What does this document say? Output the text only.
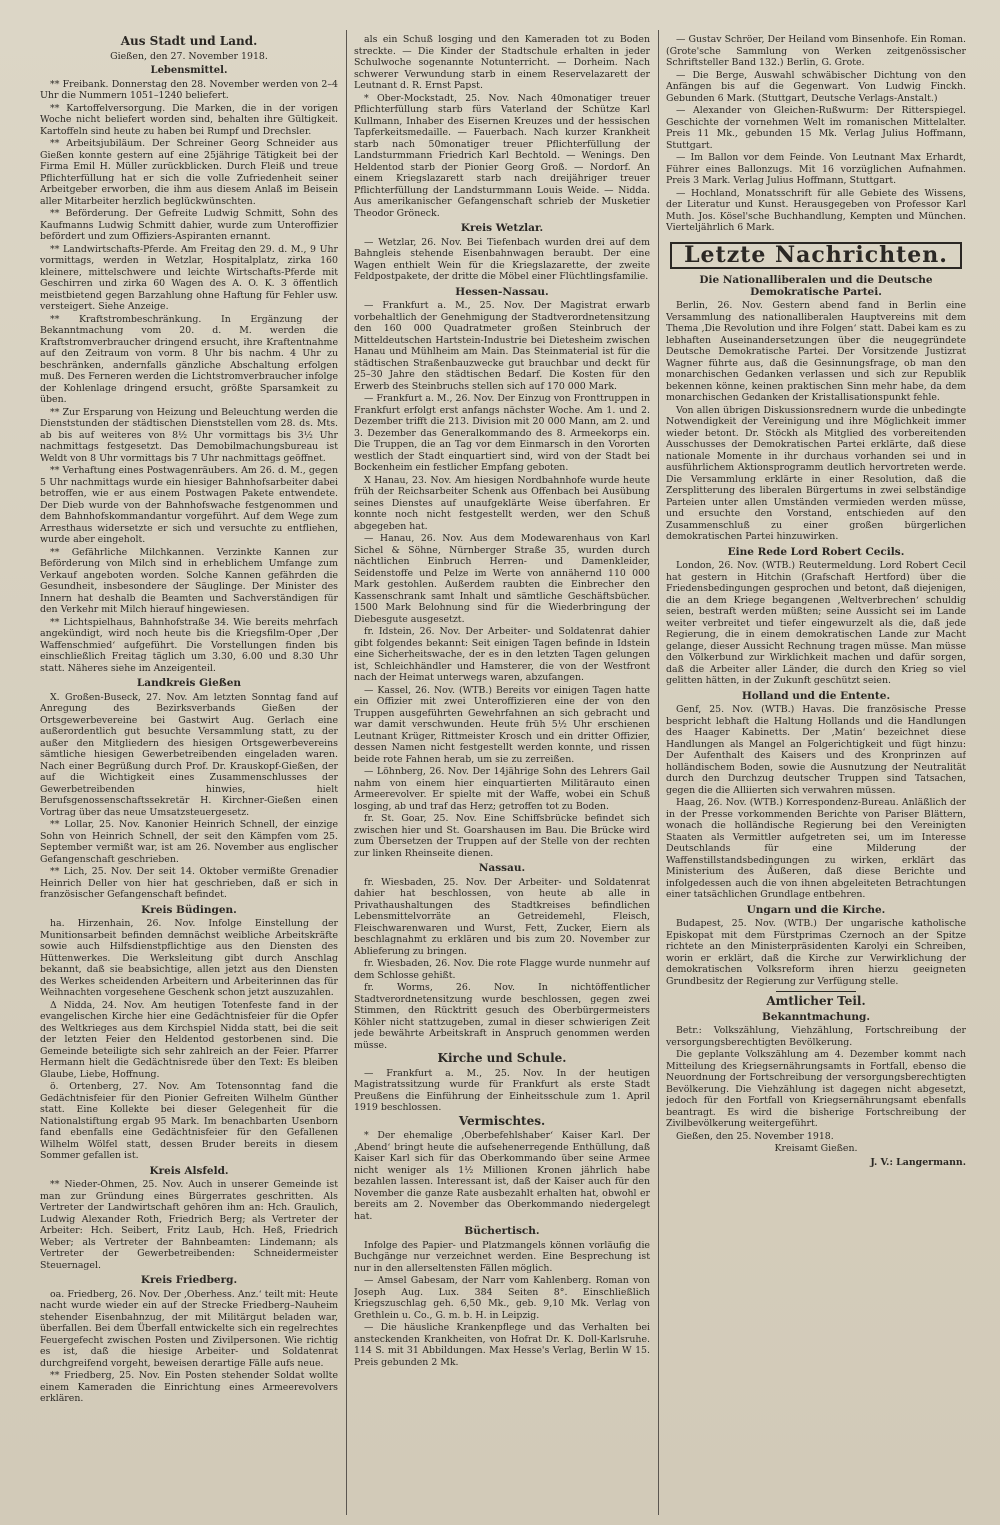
Aus Stadt und Land.

Gießen, den 27. November 1918.

Lebensmittel.

** Freibank. Donnerstag den 28. November werden von 2–4 Uhr die Nummern 1051–1240 beliefert.

** Kartoffelversorgung. Die Marken, die in der vorigen Woche nicht beliefert worden sind, behalten ihre Gültigkeit. Kartoffeln sind heute zu haben bei Rumpf und Drechsler.

** Arbeitsjubiläum. Der Schreiner Georg Schneider aus Gießen konnte gestern auf eine 25jährige Tätigkeit bei der Firma Emil H. Müller zurückblicken. Durch Fleiß und treue Pflichterfüllung hat er sich die volle Zufriedenheit seiner Arbeitgeber erworben, die ihm aus diesem Anlaß im Beisein aller Mitarbeiter herzlich beglückwünschten.

** Beförderung. Der Gefreite Ludwig Schmitt, Sohn des Kaufmanns Ludwig Schmitt dahier, wurde zum Unteroffizier befördert und zum Offiziers-Aspiranten ernannt.

** Landwirtschafts-Pferde. Am Freitag den 29. d. M., 9 Uhr vormittags, werden in Wetzlar, Hospitalplatz, zirka 160 kleinere, mittelschwere und leichte Wirtschafts-Pferde mit Geschirren und zirka 60 Wagen des A. O. K. 3 öffentlich meistbietend gegen Barzahlung ohne Haftung für Fehler usw. versteigert. Siehe Anzeige.

** Kraftstrombeschränkung. In Ergänzung der Bekanntmachung vom 20. d. M. werden die Kraftstromverbraucher dringend ersucht, ihre Kraftentnahme auf den Zeitraum von vorm. 8 Uhr bis nachm. 4 Uhr zu beschränken, andernfalls gänzliche Abschaltung erfolgen muß. Des Ferneren werden die Lichtstromverbraucher infolge der Kohlenlage dringend ersucht, größte Sparsamkeit zu üben.

** Zur Ersparung von Heizung und Beleuchtung werden die Dienststunden der städtischen Dienststellen vom 28. ds. Mts. ab bis auf weiteres von 8½ Uhr vormittags bis 3½ Uhr nachmittags festgesetzt. Das Demobilmachungsbureau ist Weldt von 8 Uhr vormittags bis 7 Uhr nachmittags geöffnet.

** Verhaftung eines Postwagenräubers. Am 26. d. M., gegen 5 Uhr nachmittags wurde ein hiesiger Bahnhofsarbeiter dabei betroffen, wie er aus einem Postwagen Pakete entwendete. Der Dieb wurde von der Bahnhofswache festgenommen und dem Bahnhofskommandantur vorgeführt. Auf dem Wege zum Arresthaus widersetzte er sich und versuchte zu entfliehen, wurde aber eingeholt.

** Gefährliche Milchkannen. Verzinkte Kannen zur Beförderung von Milch sind in erheblichem Umfange zum Verkauf angeboten worden. Solche Kannen gefährden die Gesundheit, insbesondere der Säuglinge. Der Minister des Innern hat deshalb die Beamten und Sachverständigen für den Verkehr mit Milch hierauf hingewiesen.

** Lichtspielhaus, Bahnhofstraße 34. Wie bereits mehrfach angekündigt, wird noch heute bis die Kriegsfilm-Oper ‚Der Waffenschmied‘ aufgeführt. Die Vorstellungen finden bis einschließlich Freitag täglich um 3.30, 6.00 und 8.30 Uhr statt. Näheres siehe im Anzeigenteil.

Landkreis Gießen

X. Großen-Buseck, 27. Nov. Am letzten Sonntag fand auf Anregung des Bezirksverbands Gießen der Ortsgewerbevereine bei Gastwirt Aug. Gerlach eine außerordentlich gut besuchte Versammlung statt, zu der außer den Mitgliedern des hiesigen Ortsgewerbevereins sämtliche hiesigen Gewerbetreibenden eingeladen waren. Nach einer Begrüßung durch Prof. Dr. Krauskopf-Gießen, der auf die Wichtigkeit eines Zusammenschlusses der Gewerbetreibenden hinwies, hielt Berufsgenossenschaftssekretär H. Kirchner-Gießen einen Vortrag über das neue Umsatzsteuergesetz.

** Lollar, 25. Nov. Kanonier Heinrich Schnell, der einzige Sohn von Heinrich Schnell, der seit den Kämpfen vom 25. September vermißt war, ist am 26. November aus englischer Gefangenschaft geschrieben.

** Lich, 25. Nov. Der seit 14. Oktober vermißte Grenadier Heinrich Deller von hier hat geschrieben, daß er sich in französischer Gefangenschaft befindet.

Kreis Büdingen.

ha. Hirzenhain, 26. Nov. Infolge Einstellung der Munitionsarbeit befinden demnächst weibliche Arbeitskräfte sowie auch Hilfsdienstpflichtige aus den Diensten des Hüttenwerkes. Die Werksleitung gibt durch Anschlag bekannt, daß sie beabsichtige, allen jetzt aus den Diensten des Werkes scheidenden Arbeitern und Arbeiterinnen das für Weihnachten vorgesehene Geschenk schon jetzt auszuzahlen.

Δ Nidda, 24. Nov. Am heutigen Totenfeste fand in der evangelischen Kirche hier eine Gedächtnisfeier für die Opfer des Weltkrieges aus dem Kirchspiel Nidda statt, bei die seit der letzten Feier den Heldentod gestorbenen sind. Die Gemeinde beteiligte sich sehr zahlreich an der Feier. Pfarrer Hermann hielt die Gedächtnisrede über den Text: Es bleiben Glaube, Liebe, Hoffnung.

ö. Ortenberg, 27. Nov. Am Totensonntag fand die Gedächtnisfeier für den Pionier Gefreiten Wilhelm Günther statt. Eine Kollekte bei dieser Gelegenheit für die Nationalstiftung ergab 95 Mark. Im benachbarten Usenborn fand ebenfalls eine Gedächtnisfeier für den Gefallenen Wilhelm Wölfel statt, dessen Bruder bereits in diesem Sommer gefallen ist.

Kreis Alsfeld.

** Nieder-Ohmen, 25. Nov. Auch in unserer Gemeinde ist man zur Gründung eines Bürgerrates geschritten. Als Vertreter der Landwirtschaft gehören ihm an: Hch. Graulich, Ludwig Alexander Roth, Friedrich Berg; als Vertreter der Arbeiter: Hch. Seibert, Fritz Laub, Hch. Heß, Friedrich Weber; als Vertreter der Bahnbeamten: Lindemann; als Vertreter der Gewerbetreibenden: Schneidermeister Steuernagel.

Kreis Friedberg.

oa. Friedberg, 26. Nov. Der ‚Oberhess. Anz.‘ teilt mit: Heute nacht wurde wieder ein auf der Strecke Friedberg–Nauheim stehender Eisenbahnzug, der mit Militärgut beladen war, überfallen. Bei dem Überfall entwickelte sich ein regelrechtes Feuergefecht zwischen Posten und Zivilpersonen. Wie richtig es ist, daß die hiesige Arbeiter- und Soldatenrat durchgreifend vorgeht, beweisen derartige Fälle aufs neue.

** Friedberg, 25. Nov. Ein Posten stehender Soldat wollte einem Kameraden die Einrichtung eines Armeerevolvers erklären.

als ein Schuß losging und den Kameraden tot zu Boden streckte. — Die Kinder der Stadtschule erhalten in jeder Schulwoche sogenannte Notunterricht. — Dorheim. Nach schwerer Verwundung starb in einem Reservelazarett der Leutnant d. R. Ernst Papst.

* Ober-Mockstadt, 25. Nov. Nach 40monatiger treuer Pflichterfüllung starb fürs Vaterland der Schütze Karl Kullmann, Inhaber des Eisernen Kreuzes und der hessischen Tapferkeitsmedaille. — Fauerbach. Nach kurzer Krankheit starb nach 50monatiger treuer Pflichterfüllung der Landsturmmann Friedrich Karl Bechtold. — Wenings. Den Heldentod starb der Pionier Georg Groß. — Nordorf. An einem Kriegslazarett starb nach dreijähriger treuer Pflichterfüllung der Landsturmmann Louis Weide. — Nidda. Aus amerikanischer Gefangenschaft schrieb der Musketier Theodor Gröneck.

Kreis Wetzlar.

— Wetzlar, 26. Nov. Bei Tiefenbach wurden drei auf dem Bahngleis stehende Eisenbahnwagen beraubt. Der eine Wagen enthielt Wein für die Kriegslazarette, der zweite Feldpostpakete, der dritte die Möbel einer Flüchtlingsfamilie.

Hessen-Nassau.

— Frankfurt a. M., 25. Nov. Der Magistrat erwarb vorbehaltlich der Genehmigung der Stadtverordnetensitzung den 160 000 Quadratmeter großen Steinbruch der Mitteldeutschen Hartstein-Industrie bei Dietesheim zwischen Hanau und Mühlheim am Main. Das Steinmaterial ist für die städtischen Straßenbauzwecke gut brauchbar und deckt für 25–30 Jahre den städtischen Bedarf. Die Kosten für den Erwerb des Steinbruchs stellen sich auf 170 000 Mark.

— Frankfurt a. M., 26. Nov. Der Einzug von Fronttruppen in Frankfurt erfolgt erst anfangs nächster Woche. Am 1. und 2. Dezember trifft die 213. Division mit 20 000 Mann, am 2. und 3. Dezember das Generalkommando des 8. Armeekorps ein. Die Truppen, die an Tag vor dem Einmarsch in den Vororten westlich der Stadt einquartiert sind, wird von der Stadt bei Bockenheim ein festlicher Empfang geboten.

X Hanau, 23. Nov. Am hiesigen Nordbahnhofe wurde heute früh der Reichsarbeiter Schenk aus Offenbach bei Ausübung seines Dienstes auf unaufgeklärte Weise überfahren. Er konnte noch nicht festgestellt werden, wer den Schuß abgegeben hat.

— Hanau, 26. Nov. Aus dem Modewarenhaus von Karl Sichel & Söhne, Nürnberger Straße 35, wurden durch nächtlichen Einbruch Herren- und Damenkleider, Seidenstoffe und Pelze im Werte von annähernd 110 000 Mark gestohlen. Außerdem raubten die Einbrecher den Kassenschrank samt Inhalt und sämtliche Geschäftsbücher. 1500 Mark Belohnung sind für die Wiederbringung der Diebesgute ausgesetzt.

fr. Idstein, 26. Nov. Der Arbeiter- und Soldatenrat dahier gibt folgendes bekannt: Seit einigen Tagen befinde in Idstein eine Sicherheitswache, der es in den letzten Tagen gelungen ist, Schleichhändler und Hamsterer, die von der Westfront nach der Heimat unterwegs waren, abzufangen.

— Kassel, 26. Nov. (WTB.) Bereits vor einigen Tagen hatte ein Offizier mit zwei Unteroffizieren eine der von den Truppen ausgeführten Gewehrfahnen an sich gebracht und war damit verschwunden. Heute früh 5½ Uhr erschienen Leutnant Krüger, Rittmeister Krosch und ein dritter Offizier, dessen Namen nicht festgestellt werden konnte, und rissen beide rote Fahnen herab, um sie zu zerreißen.

— Löhnberg, 26. Nov. Der 14jährige Sohn des Lehrers Gail nahm von einem hier einquartierten Militärauto einen Armeerevolver. Er spielte mit der Waffe, wobei ein Schuß losging, ab und traf das Herz; getroffen tot zu Boden.

fr. St. Goar, 25. Nov. Eine Schiffsbrücke befindet sich zwischen hier und St. Goarshausen im Bau. Die Brücke wird zum Übersetzen der Truppen auf der Stelle von der rechten zur linken Rheinseite dienen.

Nassau.

fr. Wiesbaden, 25. Nov. Der Arbeiter- und Soldatenrat dahier hat beschlossen, von heute ab alle in Privathaushaltungen des Stadtkreises befindlichen Lebensmittelvorräte an Getreidemehl, Fleisch, Fleischwarenwaren und Wurst, Fett, Zucker, Eiern als beschlagnahmt zu erklären und bis zum 20. November zur Ablieferung zu bringen.

fr. Wiesbaden, 26. Nov. Die rote Flagge wurde nunmehr auf dem Schlosse gehißt.

fr. Worms, 26. Nov. In nichtöffentlicher Stadtverordnetensitzung wurde beschlossen, gegen zwei Stimmen, den Rücktritt gesuch des Oberbürgermeisters Köhler nicht stattzugeben, zumal in dieser schwierigen Zeit jede bewährte Arbeitskraft in Anspruch genommen werden müsse.

Kirche und Schule.

— Frankfurt a. M., 25. Nov. In der heutigen Magistratssitzung wurde für Frankfurt als erste Stadt Preußens die Einführung der Einheitsschule zum 1. April 1919 beschlossen.

Vermischtes.

* Der ehemalige ‚Oberbefehlshaber‘ Kaiser Karl. Der ‚Abend‘ bringt heute die aufsehenerregende Enthüllung, daß Kaiser Karl sich für das Oberkommando über seine Armee nicht weniger als 1½ Millionen Kronen jährlich habe bezahlen lassen. Interessant ist, daß der Kaiser auch für den November die ganze Rate ausbezahlt erhalten hat, obwohl er bereits am 2. November das Oberkommando niedergelegt hat.

Büchertisch.

Infolge des Papier- und Platzmangels können vorläufig die Buchgänge nur verzeichnet werden. Eine Besprechung ist nur in den allerseltensten Fällen möglich.

— Amsel Gabesam, der Narr vom Kahlenberg. Roman von Joseph Aug. Lux. 384 Seiten 8°. Einschließlich Kriegszuschlag geh. 6,50 Mk., geb. 9,10 Mk. Verlag von Grethlein u. Co., G. m. b. H. in Leipzig.

— Die häusliche Krankenpflege und das Verhalten bei ansteckenden Krankheiten, von Hofrat Dr. K. Doll-Karlsruhe. 114 S. mit 31 Abbildungen. Max Hesse's Verlag, Berlin W 15. Preis gebunden 2 Mk.

— Gustav Schröer, Der Heiland vom Binsenhofe. Ein Roman. (Grote'sche Sammlung von Werken zeitgenössischer Schriftsteller Band 132.) Berlin, G. Grote.

— Die Berge, Auswahl schwäbischer Dichtung von den Anfängen bis auf die Gegenwart. Von Ludwig Finckh. Gebunden 6 Mark. (Stuttgart, Deutsche Verlags-Anstalt.)

— Alexander von Gleichen-Rußwurm: Der Ritterspiegel. Geschichte der vornehmen Welt im romanischen Mittelalter. Preis 11 Mk., gebunden 15 Mk. Verlag Julius Hoffmann, Stuttgart.

— Im Ballon vor dem Feinde. Von Leutnant Max Erhardt, Führer eines Ballonzugs. Mit 16 vorzüglichen Aufnahmen. Preis 3 Mark. Verlag Julius Hoffmann, Stuttgart.

— Hochland, Monatsschrift für alle Gebiete des Wissens, der Literatur und Kunst. Herausgegeben von Professor Karl Muth. Jos. Kösel'sche Buchhandlung, Kempten und München. Vierteljährlich 6 Mark.

Letzte Nachrichten.
Die Nationalliberalen und die Deutsche Demokratische Partei.

Berlin, 26. Nov. Gestern abend fand in Berlin eine Versammlung des nationalliberalen Hauptvereins mit dem Thema ‚Die Revolution und ihre Folgen‘ statt. Dabei kam es zu lebhaften Auseinandersetzungen über die neugegründete Deutsche Demokratische Partei. Der Vorsitzende Justizrat Wagner führte aus, daß die Gesinnungsfrage, ob man den monarchischen Gedanken verlassen und sich zur Republik bekennen könne, keinen praktischen Sinn mehr habe, da dem monarchischen Gedanken der Kristallisationspunkt fehle.

Von allen übrigen Diskussionsrednern wurde die unbedingte Notwendigkeit der Vereinigung und ihre Möglichkeit immer wieder betont. Dr. Stöckh als Mitglied des vorbereitenden Ausschusses der Demokratischen Partei erklärte, daß diese nationale Momente in ihr durchaus vorhanden sei und in ausführlichem Aktionsprogramm deutlich hervortreten werde. Die Versammlung erklärte in einer Resolution, daß die Zersplitterung des liberalen Bürgertums in zwei selbständige Parteien unter allen Umständen vermieden werden müsse, und ersuchte den Vorstand, entschieden auf den Zusammenschluß zu einer großen bürgerlichen demokratischen Partei hinzuwirken.

Eine Rede Lord Robert Cecils.

London, 26. Nov. (WTB.) Reutermeldung. Lord Robert Cecil hat gestern in Hitchin (Grafschaft Hertford) über die Friedensbedingungen gesprochen und betont, daß diejenigen, die an dem Kriege begangenen ‚Weltverbrechen‘ schuldig seien, bestraft werden müßten; seine Aussicht sei im Lande weiter verbreitet und tiefer eingewurzelt als die, daß jede Regierung, die in einem demokratischen Lande zur Macht gelange, dieser Aussicht Rechnung tragen müsse. Man müsse den Völkerbund zur Wirklichkeit machen und dafür sorgen, daß die Arbeiter aller Länder, die durch den Krieg so viel gelitten hätten, in der Zukunft geschützt seien.

Holland und die Entente.

Genf, 25. Nov. (WTB.) Havas. Die französische Presse bespricht lebhaft die Haltung Hollands und die Handlungen des Haager Kabinetts. Der ‚Matin‘ bezeichnet diese Handlungen als Mangel an Folgerichtigkeit und fügt hinzu: Der Aufenthalt des Kaisers und des Kronprinzen auf holländischem Boden, sowie die Ausnutzung der Neutralität durch den Durchzug deutscher Truppen sind Tatsachen, gegen die die Alliierten sich verwahren müssen.

Haag, 26. Nov. (WTB.) Korrespondenz-Bureau. Anläßlich der in der Presse vorkommenden Berichte von Pariser Blättern, wonach die holländische Regierung bei den Vereinigten Staaten als Vermittler aufgetreten sei, um im Interesse Deutschlands für eine Milderung der Waffenstillstandsbedingungen zu wirken, erklärt das Ministerium des Äußeren, daß diese Berichte und infolgedessen auch die von ihnen abgeleiteten Betrachtungen einer tatsächlichen Grundlage entbehren.

Ungarn und die Kirche.

Budapest, 25. Nov. (WTB.) Der ungarische katholische Episkopat mit dem Fürstprimas Czernoch an der Spitze richtete an den Ministerpräsidenten Karolyi ein Schreiben, worin er erklärt, daß die Kirche zur Verwirklichung der demokratischen Volksreform ihren hierzu geeigneten Grundbesitz der Regierung zur Verfügung stelle.

Amtlicher Teil.
Bekanntmachung.

Betr.: Volkszählung, Viehzählung, Fortschreibung der versorgungsberechtigten Bevölkerung.

Die geplante Volkszählung am 4. Dezember kommt nach Mitteilung des Kriegsernährungsamts in Fortfall, ebenso die Neuordnung der Fortschreibung der versorgungsberechtigten Bevölkerung. Die Viehzählung ist dagegen nicht abgesetzt, jedoch für den Fortfall von Kriegsernährungsamt ebenfalls beantragt. Es wird die bisherige Fortschreibung der Zivilbevölkerung weitergeführt.

Gießen, den 25. November 1918.

Kreisamt Gießen.

J. V.: Langermann.
